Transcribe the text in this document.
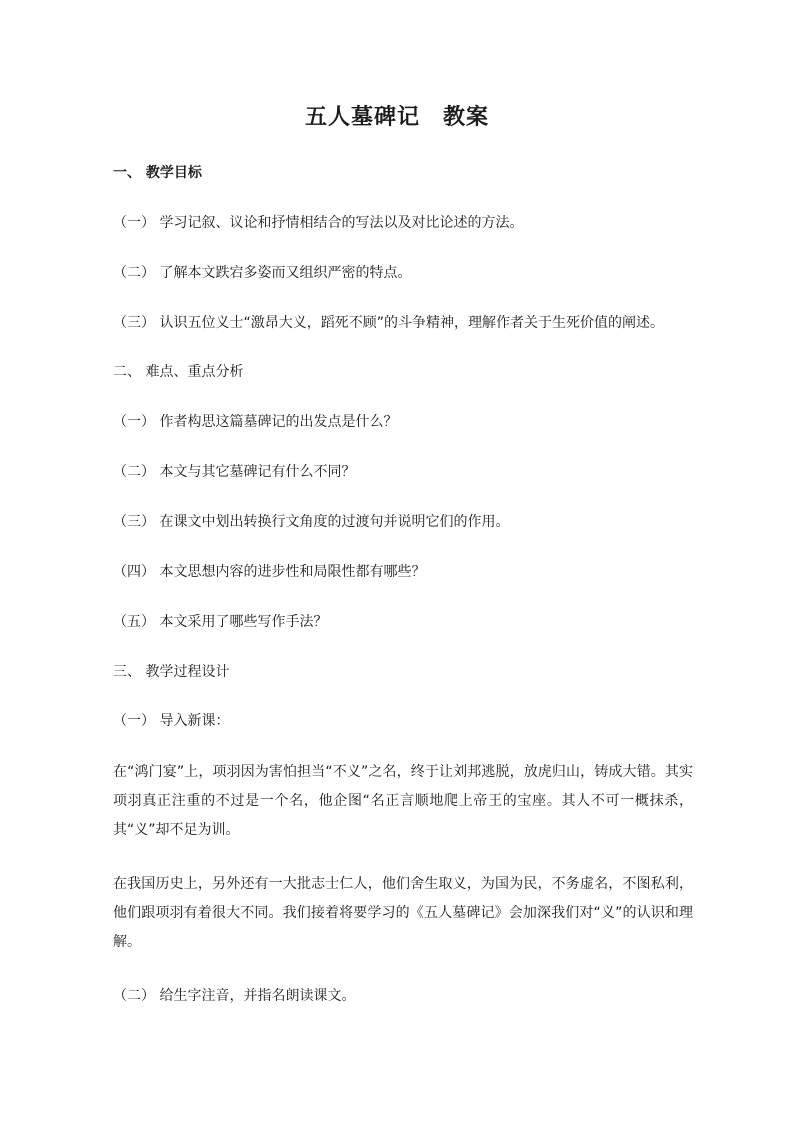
五人墓碑记　教案
一、 教学目标
（一） 学习记叙、议论和抒情相结合的写法以及对比论述的方法。
（二） 了解本文跌宕多姿而又组织严密的特点。
（三） 认识五位义士“激昂大义，蹈死不顾”的斗争精神，理解作者关于生死价值的阐述。
二、 难点、重点分析
（一） 作者构思这篇墓碑记的出发点是什么？
（二） 本文与其它墓碑记有什么不同？
（三） 在课文中划出转换行文角度的过渡句并说明它们的作用。
（四） 本文思想内容的进步性和局限性都有哪些？
（五） 本文采用了哪些写作手法？
三、 教学过程设计
（一） 导入新课：
在“鸿门宴”上，项羽因为害怕担当“不义”之名，终于让刘邦逃脱，放虎归山，铸成大错。其实项羽真正注重的不过是一个名，他企图“名正言顺地爬上帝王的宝座。其人不可一概抹杀，其“义”却不足为训。
在我国历史上，另外还有一大批志士仁人，他们舍生取义，为国为民，不务虚名，不图私利，他们跟项羽有着很大不同。我们接着将要学习的《五人墓碑记》会加深我们对“义”的认识和理解。
（二） 给生字注音，并指名朗读课文。
